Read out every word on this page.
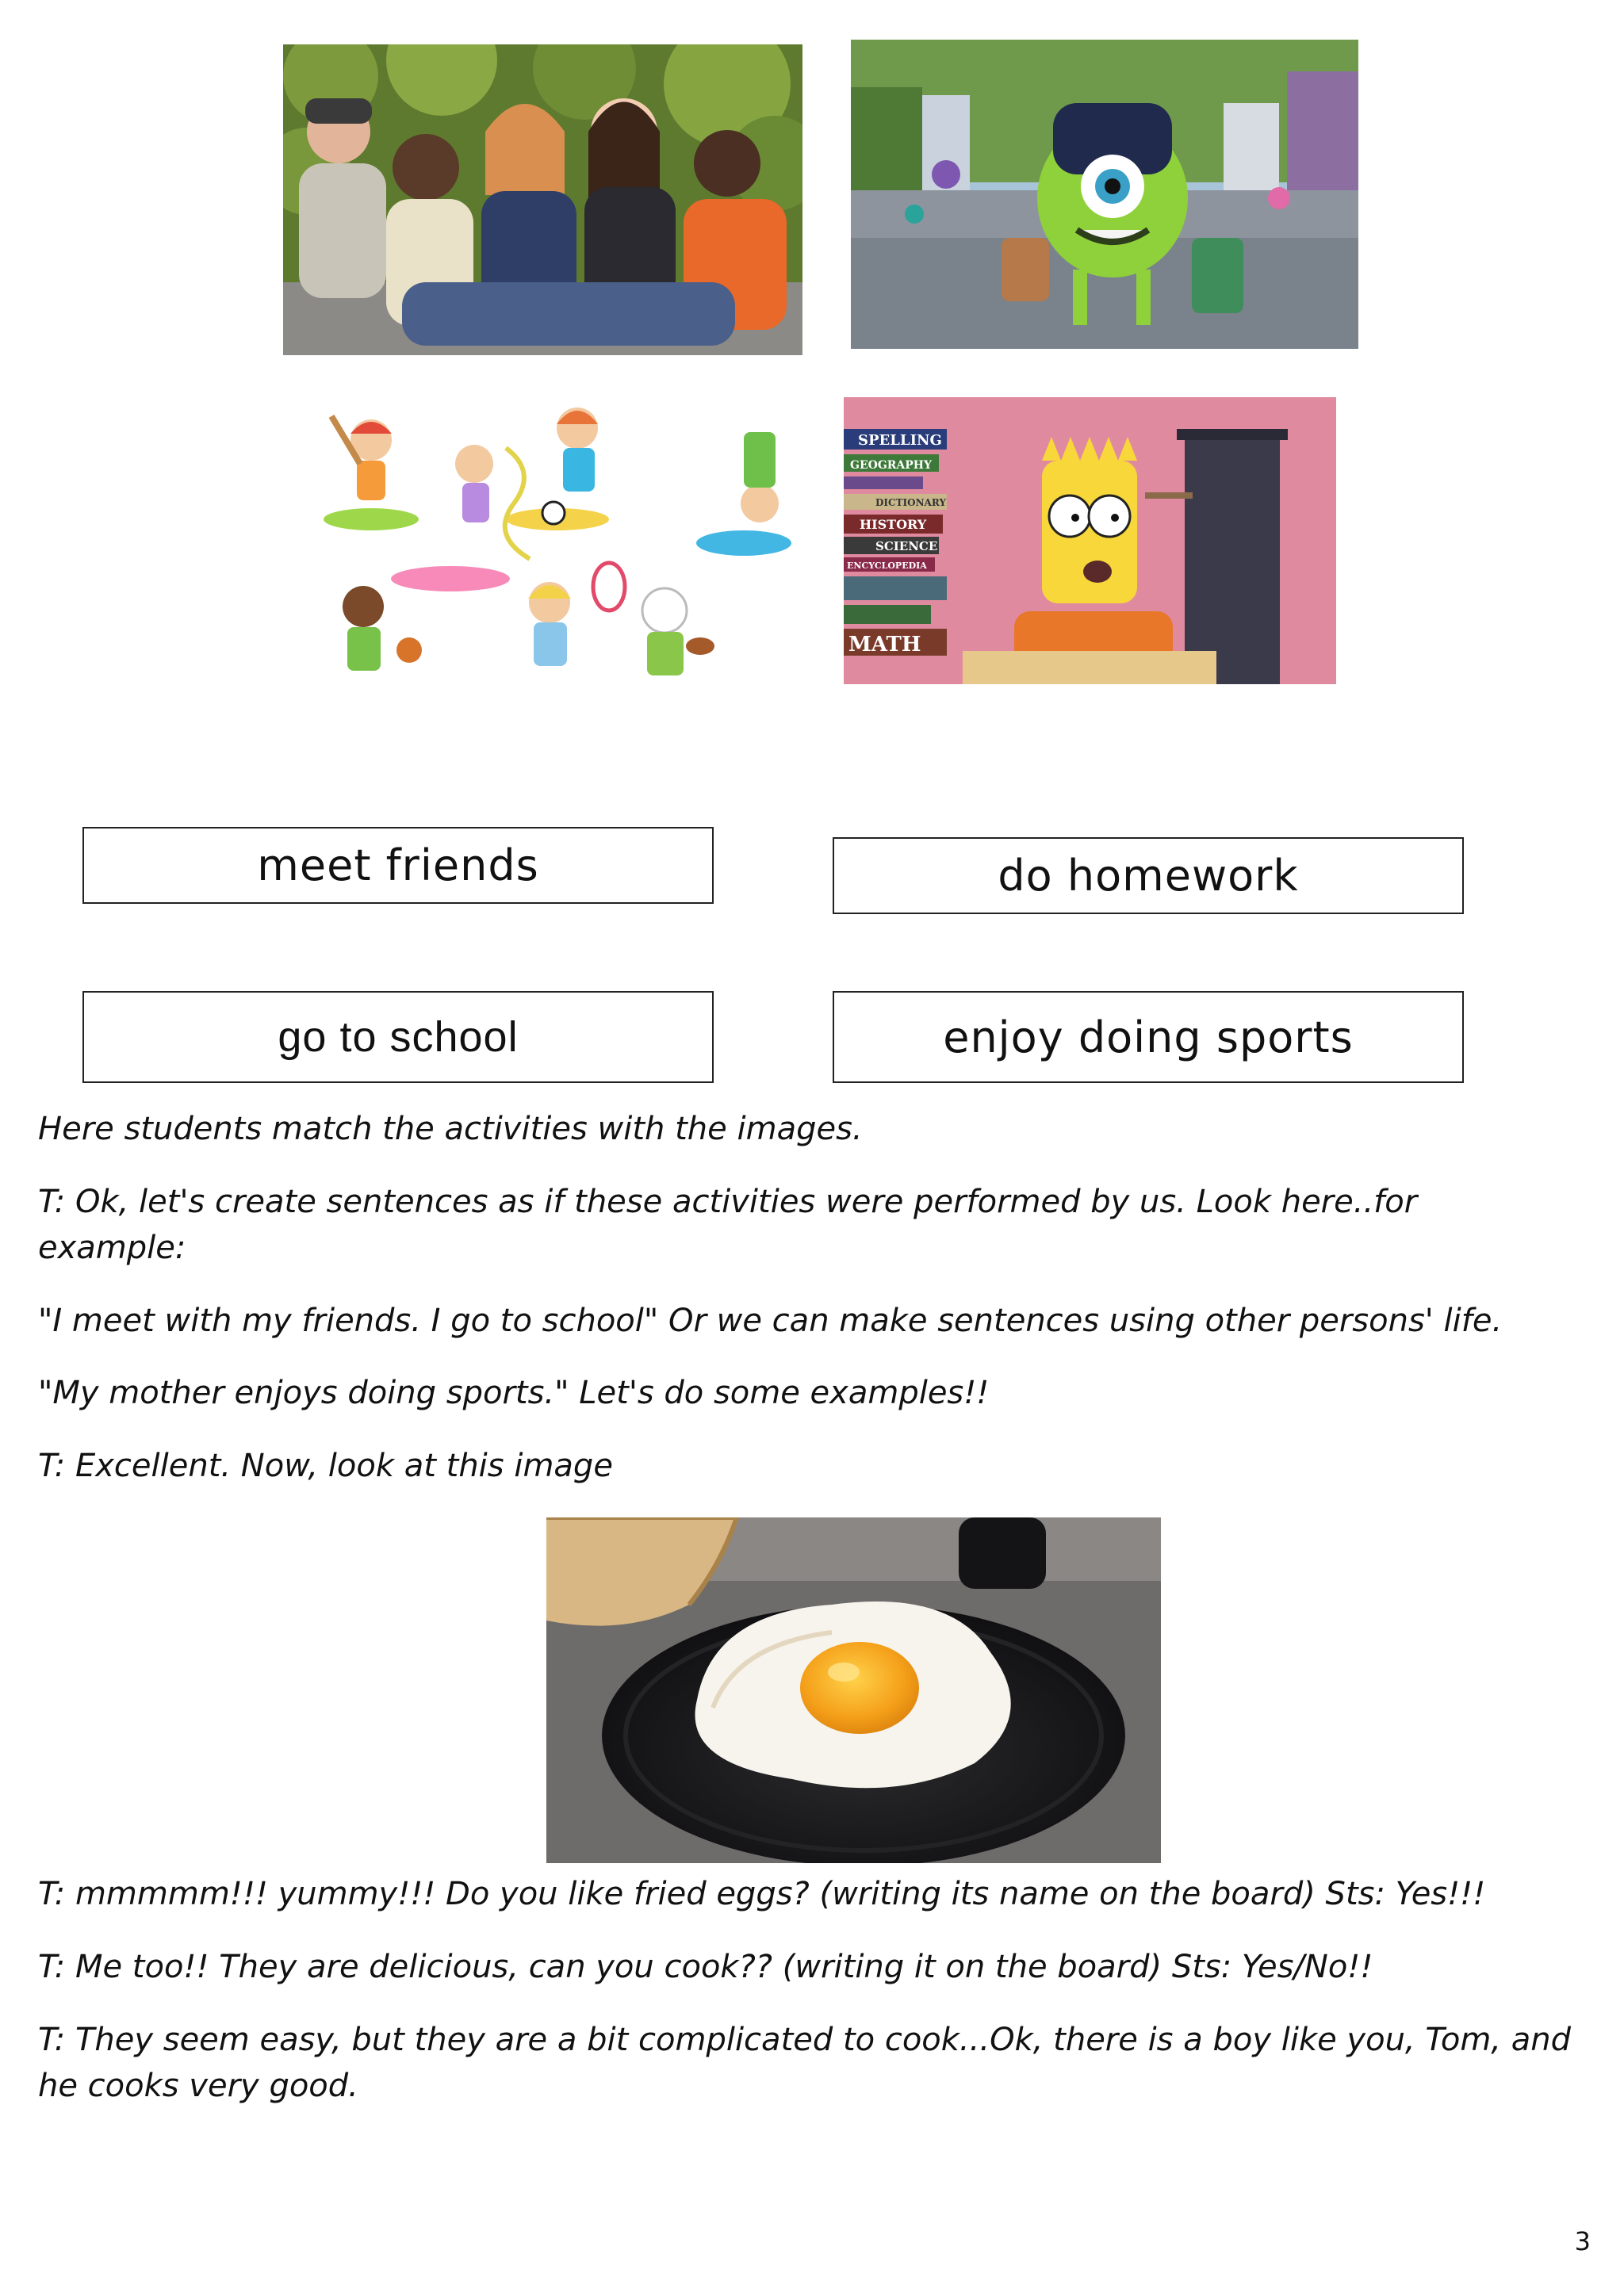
SPELLING
GEOGRAPHY
DICTIONARY
HISTORY
SCIENCE
ENCYCLOPEDIA
MATH
meet friends	do homework
go to school	enjoy doing sports
Here students match the activities with the images.
T: Ok, let's create sentences as if these activities were performed by us. Look here..for example:
"I meet with my friends. I go to school" Or we can make sentences using other persons' life.
"My mother enjoys doing sports." Let's do some examples!!
T: Excellent. Now, look at this image
T: mmmmm!!! yummy!!! Do you like fried eggs? (writing its name on the board) Sts: Yes!!!
T: Me too!! They are delicious, can you cook?? (writing it on the board) Sts: Yes/No!!
T: They seem easy, but they are a bit complicated to cook...Ok, there is a boy like you, Tom, and he cooks very good.
3
